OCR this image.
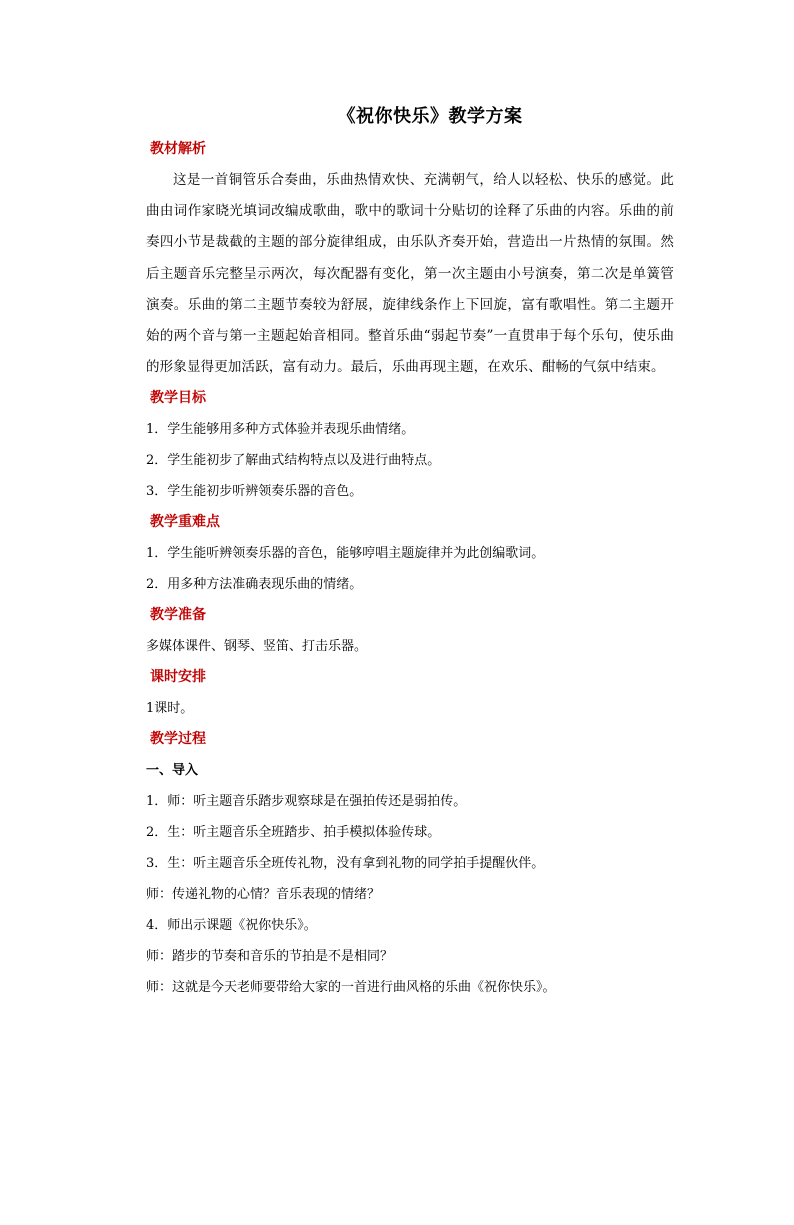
《祝你快乐》教学方案
教材解析
这是一首铜管乐合奏曲，乐曲热情欢快、充满朝气，给人以轻松、快乐的感觉。此曲由词作家晓光填词改编成歌曲，歌中的歌词十分贴切的诠释了乐曲的内容。乐曲的前奏四小节是裁截的主题的部分旋律组成，由乐队齐奏开始，营造出一片热情的氛围。然后主题音乐完整呈示两次，每次配器有变化，第一次主题由小号演奏，第二次是单簧管演奏。乐曲的第二主题节奏较为舒展，旋律线条作上下回旋，富有歌唱性。第二主题开始的两个音与第一主题起始音相同。整首乐曲“弱起节奏”一直贯串于每个乐句，使乐曲的形象显得更加活跃，富有动力。最后，乐曲再现主题，在欢乐、酣畅的气氛中结束。
教学目标
1．学生能够用多种方式体验并表现乐曲情绪。
2．学生能初步了解曲式结构特点以及进行曲特点。
3．学生能初步听辨领奏乐器的音色。
教学重难点
1．学生能听辨领奏乐器的音色，能够哼唱主题旋律并为此创编歌词。
2．用多种方法准确表现乐曲的情绪。
教学准备
多媒体课件、钢琴、竖笛、打击乐器。
课时安排
1课时。
教学过程
一、导入
1．师：听主题音乐踏步观察球是在强拍传还是弱拍传。
2．生：听主题音乐全班踏步、拍手模拟体验传球。
3．生：听主题音乐全班传礼物，没有拿到礼物的同学拍手提醒伙伴。
师：传递礼物的心情？音乐表现的情绪？
4．师出示课题《祝你快乐》。
师：踏步的节奏和音乐的节拍是不是相同？
师：这就是今天老师要带给大家的一首进行曲风格的乐曲《祝你快乐》。
